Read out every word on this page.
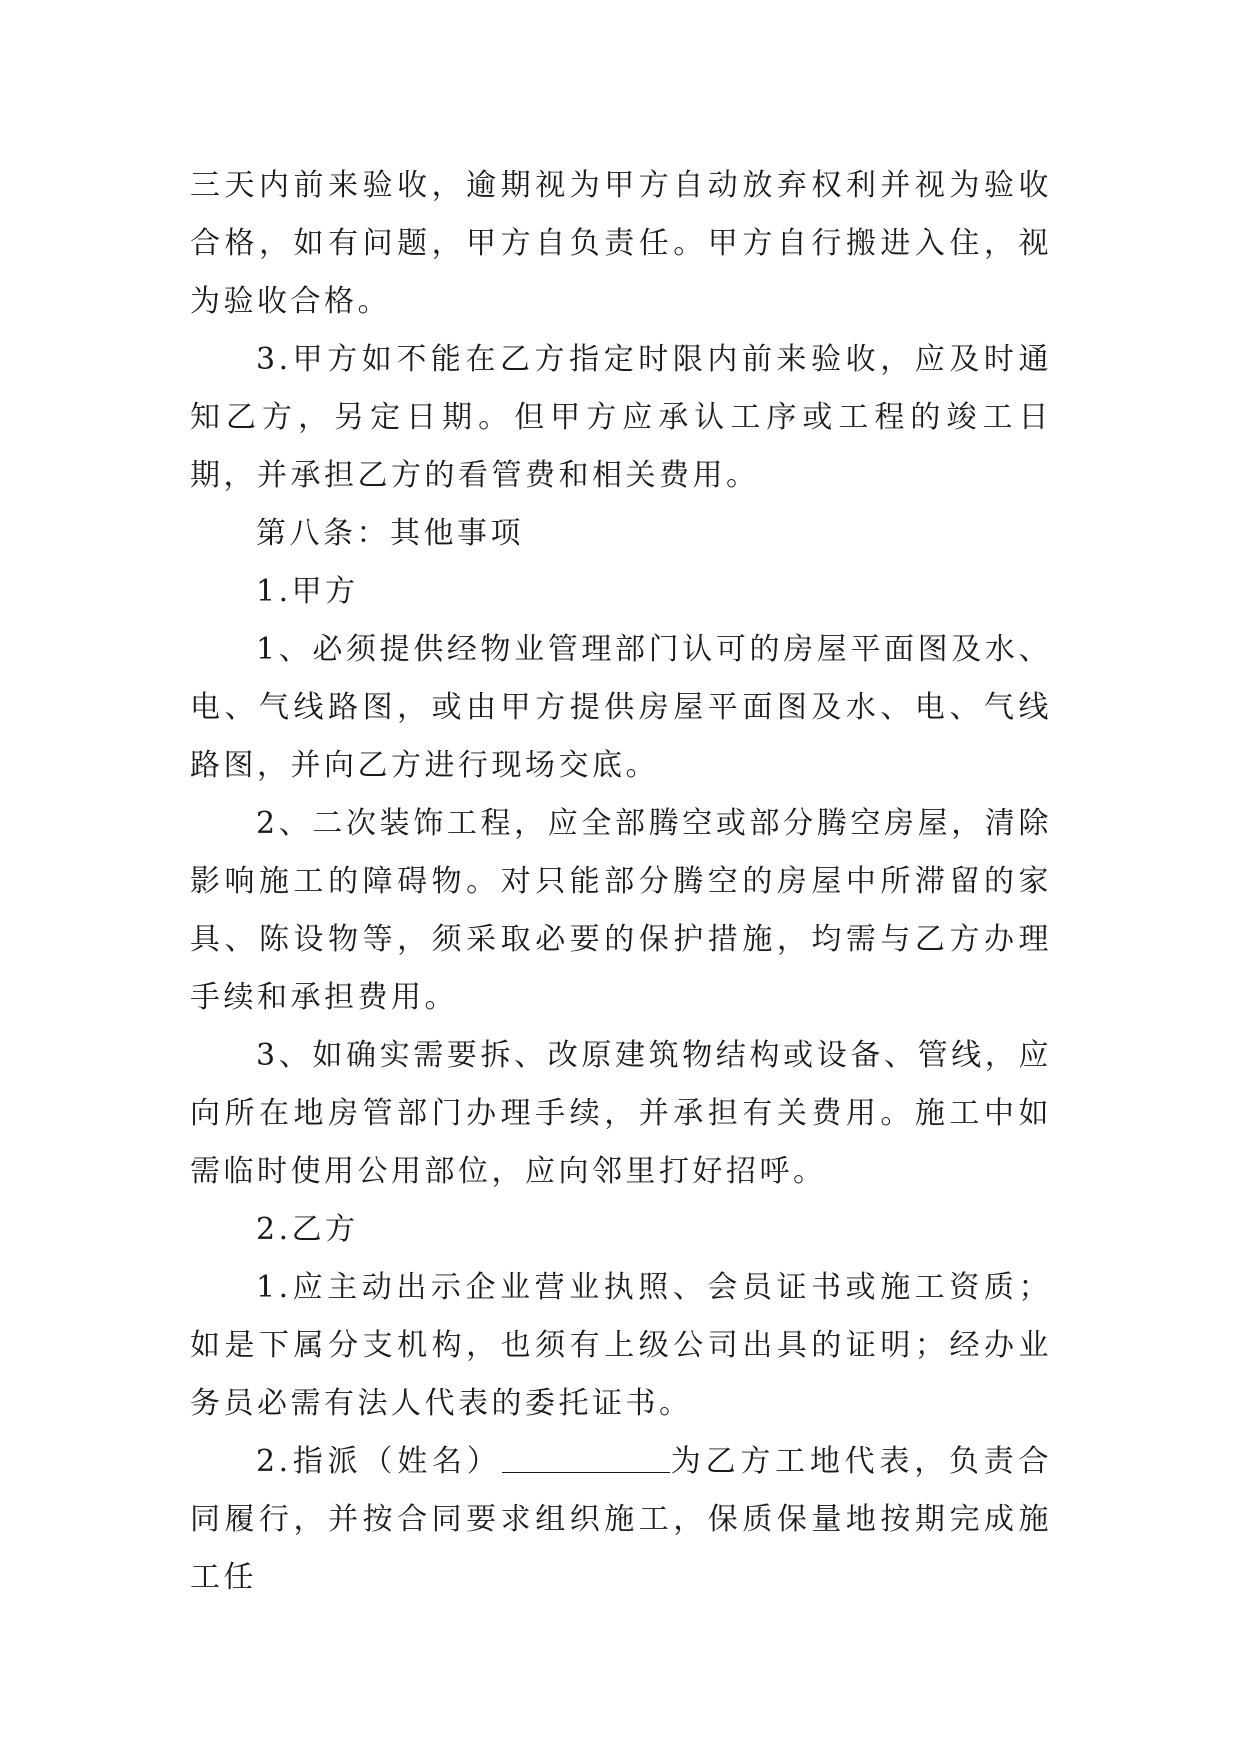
三天内前来验收，逾期视为甲方自动放弃权利并视为验收合格，如有问题，甲方自负责任。甲方自行搬进入住，视为验收合格。

3.甲方如不能在乙方指定时限内前来验收，应及时通知乙方，另定日期。但甲方应承认工序或工程的竣工日期，并承担乙方的看管费和相关费用。

第八条：其他事项

1.甲方

1、必须提供经物业管理部门认可的房屋平面图及水、电、气线路图，或由甲方提供房屋平面图及水、电、气线路图，并向乙方进行现场交底。

2、二次装饰工程，应全部腾空或部分腾空房屋，清除影响施工的障碍物。对只能部分腾空的房屋中所滞留的家具、陈设物等，须采取必要的保护措施，均需与乙方办理手续和承担费用。

3、如确实需要拆、改原建筑物结构或设备、管线，应向所在地房管部门办理手续，并承担有关费用。施工中如需临时使用公用部位，应向邻里打好招呼。

2.乙方

1.应主动出示企业营业执照、会员证书或施工资质；如是下属分支机构，也须有上级公司出具的证明；经办业务员必需有法人代表的委托证书。

2.指派（姓名）	为乙方工地代表，负责合同履行，并按合同要求组织施工，保质保量地按期完成施工任
